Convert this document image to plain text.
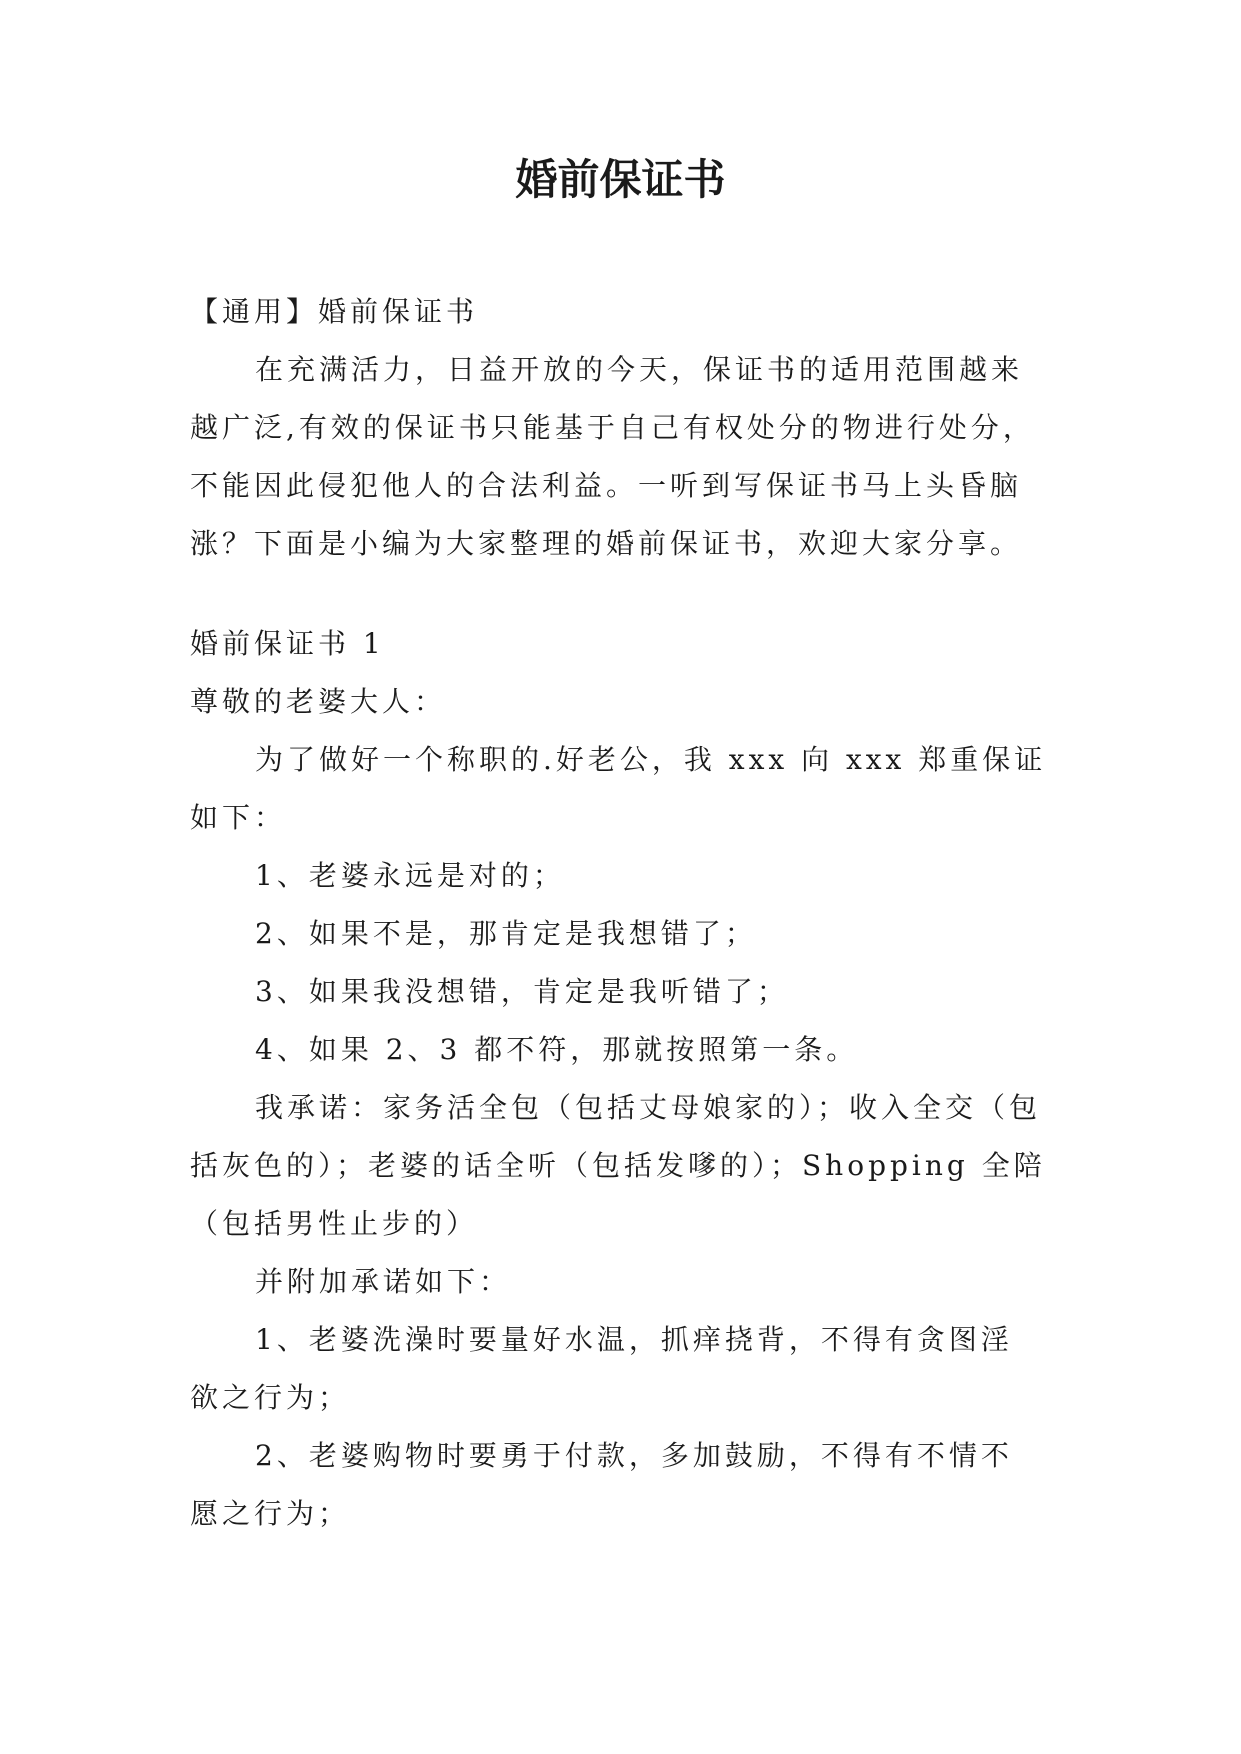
婚前保证书

【通用】婚前保证书

在充满活力，日益开放的今天，保证书的适用范围越来

越广泛,有效的保证书只能基于自己有权处分的物进行处分，

不能因此侵犯他人的合法利益。一听到写保证书马上头昏脑

涨？下面是小编为大家整理的婚前保证书，欢迎大家分享。

婚前保证书 1

尊敬的老婆大人：

为了做好一个称职的.好老公，我 xxx 向 xxx 郑重保证

如下：

1、老婆永远是对的；

2、如果不是，那肯定是我想错了；

3、如果我没想错，肯定是我听错了；

4、如果 2、3 都不符，那就按照第一条。

我承诺：家务活全包（包括丈母娘家的）；收入全交（包

括灰色的）；老婆的话全听（包括发嗲的）；Shopping 全陪

（包括男性止步的）

并附加承诺如下：

1、老婆洗澡时要量好水温，抓痒挠背，不得有贪图淫

欲之行为；

2、老婆购物时要勇于付款，多加鼓励，不得有不情不

愿之行为；
